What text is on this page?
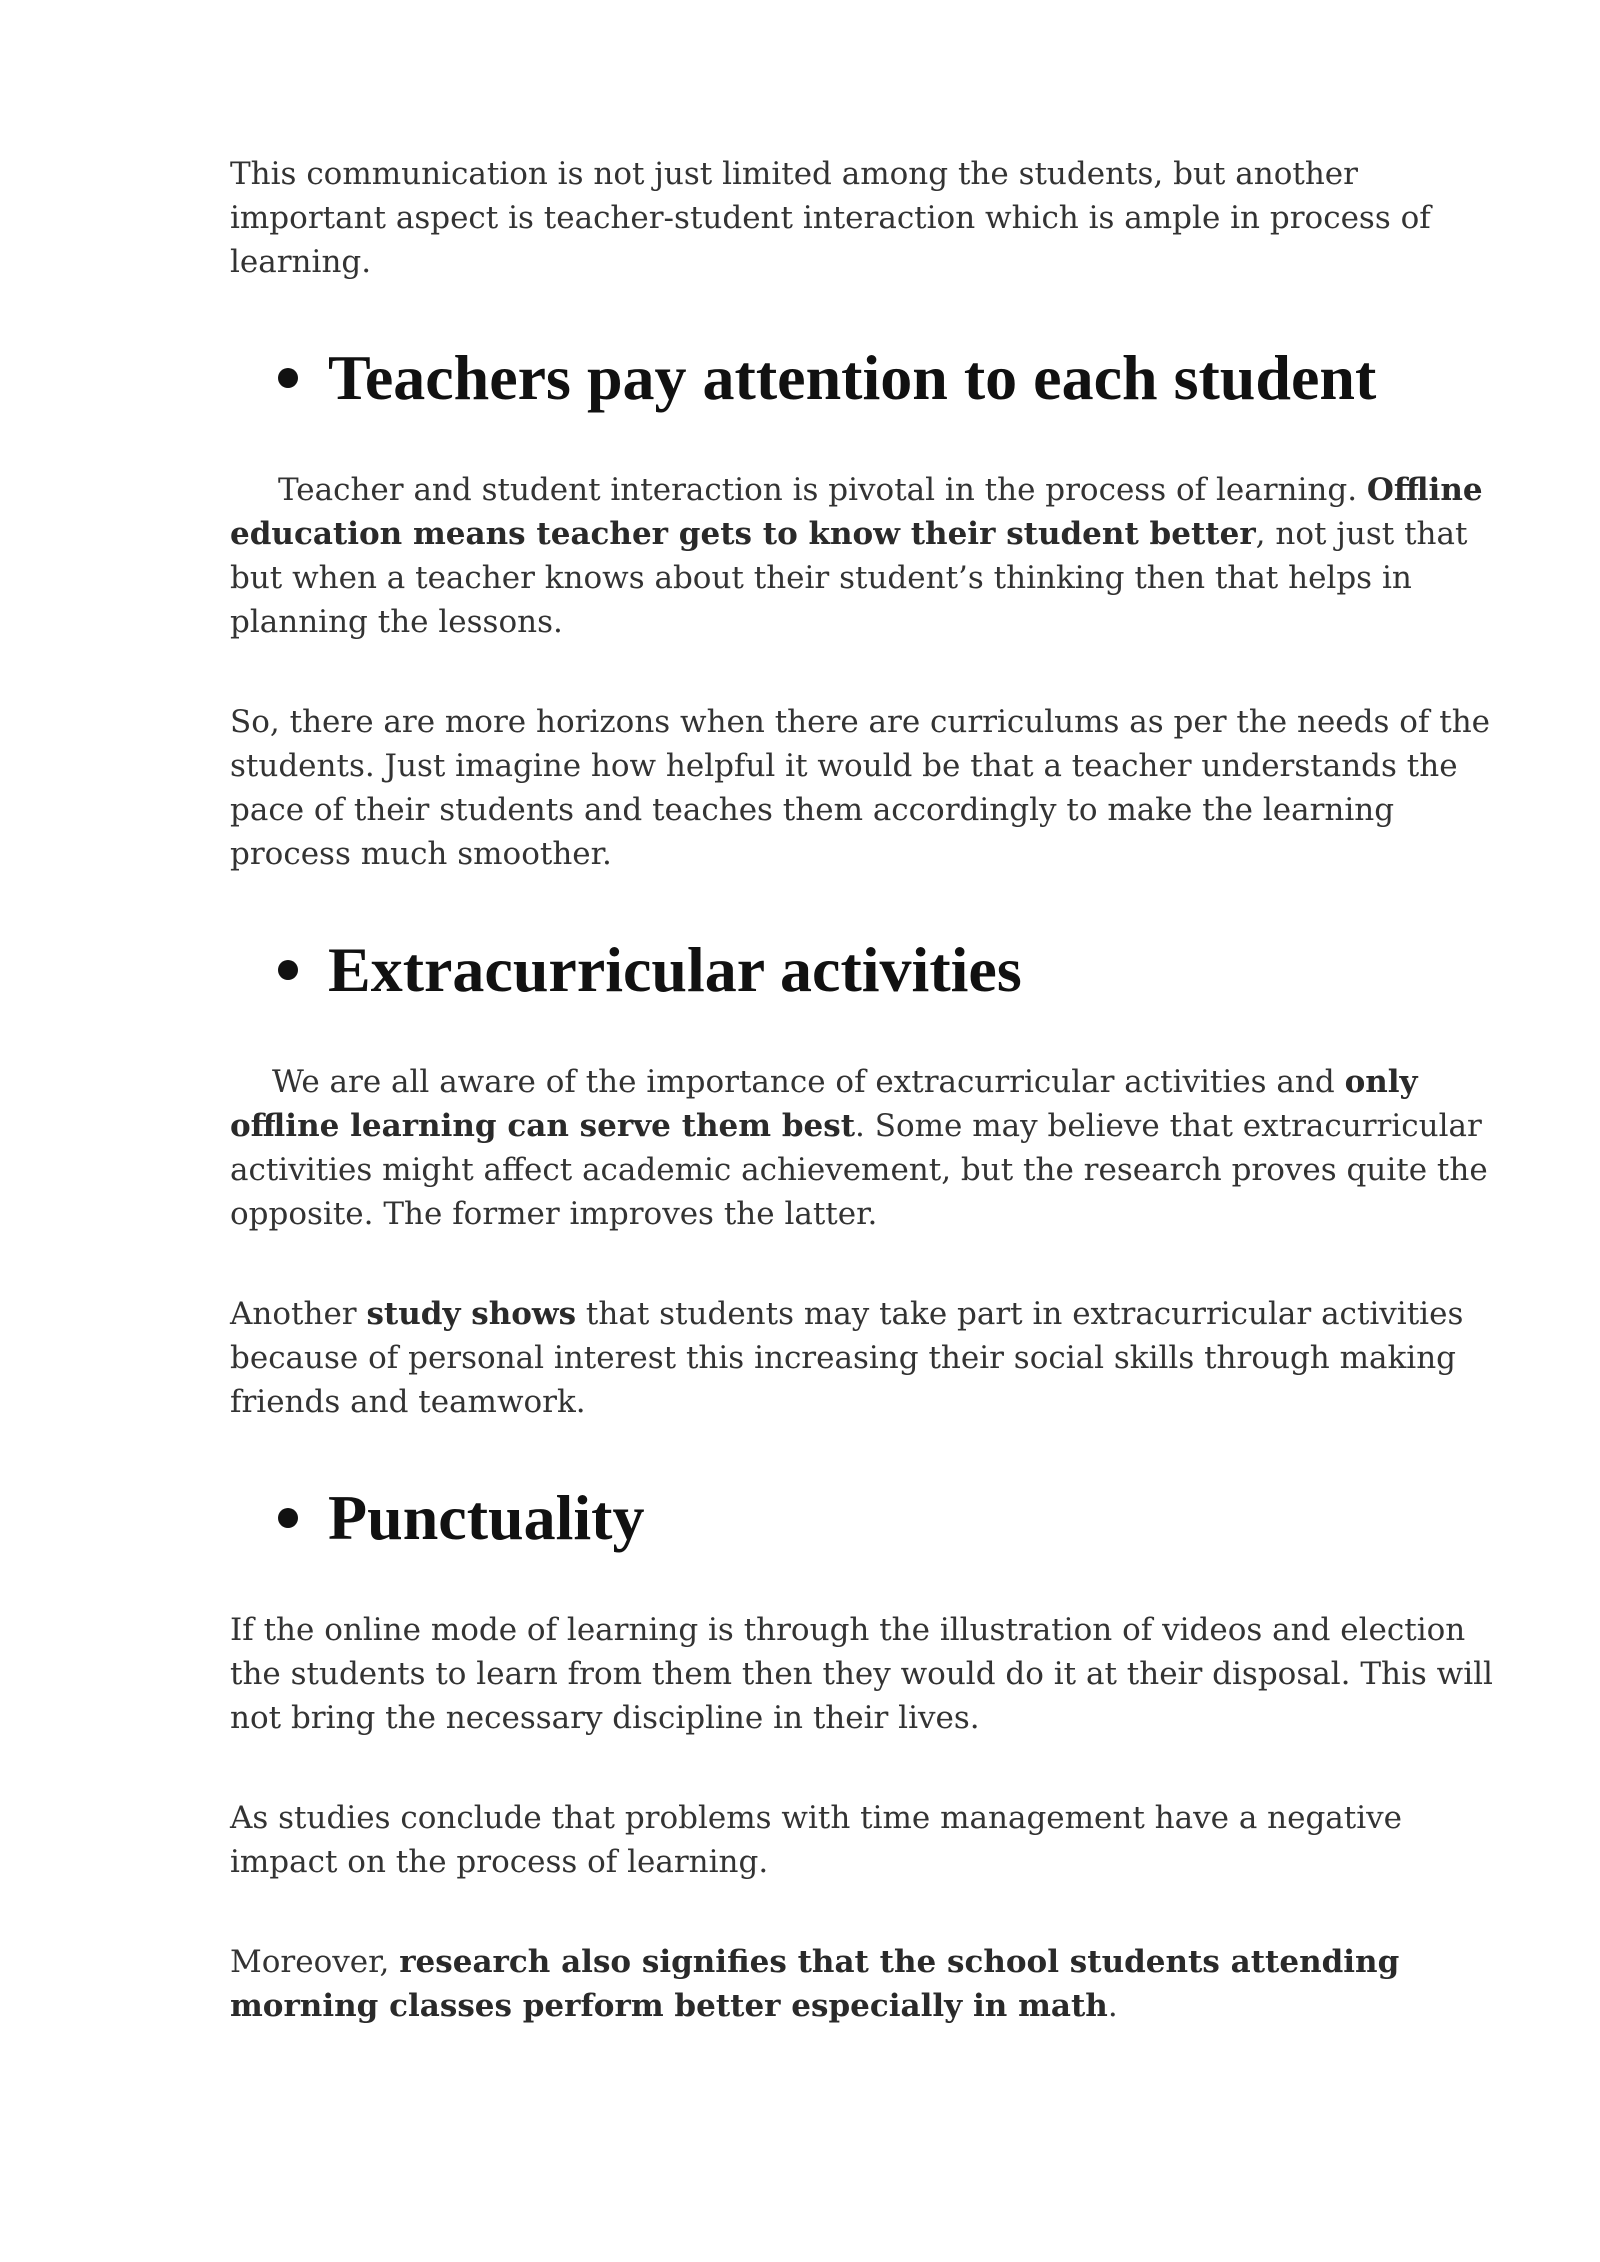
This communication is not just limited among the students, but another important aspect is teacher-student interaction which is ample in process of learning.

Teachers pay attention to each student

Teacher and student interaction is pivotal in the process of learning. Offline education means teacher gets to know their student better, not just that but when a teacher knows about their student’s thinking then that helps in planning the lessons.

So, there are more horizons when there are curriculums as per the needs of the students. Just imagine how helpful it would be that a teacher understands the pace of their students and teaches them accordingly to make the learning process much smoother.

Extracurricular activities

We are all aware of the importance of extracurricular activities and only offline learning can serve them best. Some may believe that extracurricular activities might affect academic achievement, but the research proves quite the opposite. The former improves the latter.

Another study shows that students may take part in extracurricular activities because of personal interest this increasing their social skills through making friends and teamwork.

Punctuality

If the online mode of learning is through the illustration of videos and election the students to learn from them then they would do it at their disposal. This will not bring the necessary discipline in their lives.

As studies conclude that problems with time management have a negative impact on the process of learning.

Moreover, research also signifies that the school students attending morning classes perform better especially in math.
